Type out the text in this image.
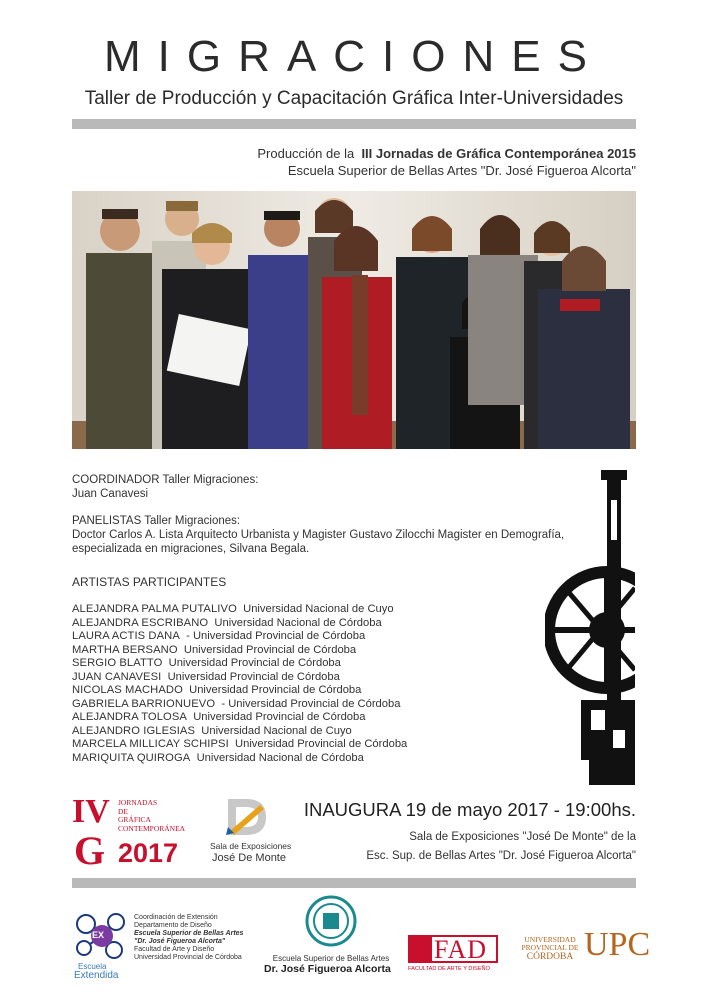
MIGRACIONES
Taller de Producción y Capacitación Gráfica Inter-Universidades
Producción de la III Jornadas de Gráfica Contemporánea 2015
Escuela Superior de Bellas Artes "Dr. José Figueroa Alcorta"
COORDINADOR Taller Migraciones:
Juan Canavesi
PANELISTAS Taller Migraciones:
Doctor Carlos A. Lista Arquitecto Urbanista y Magister Gustavo Zilocchi Magister en Demografía, especializada en migraciones, Silvana Begala.
ARTISTAS PARTICIPANTES
ALEJANDRA PALMA PUTALIVO Universidad Nacional de Cuyo
ALEJANDRA ESCRIBANO Universidad Nacional de Córdoba
LAURA ACTIS DANA - Universidad Provincial de Córdoba
MARTHA BERSANO Universidad Provincial de Córdoba
SERGIO BLATTO Universidad Provincial de Córdoba
JUAN CANAVESI Universidad Provincial de Córdoba
NICOLAS MACHADO Universidad Provincial de Córdoba
GABRIELA BARRIONUEVO - Universidad Provincial de Córdoba
ALEJANDRA TOLOSA Universidad Provincial de Córdoba
ALEJANDRO IGLESIAS Universidad Nacional de Cuyo
MARCELA MILLICAY SCHIPSI Universidad Provincial de Córdoba
MARIQUITA QUIROGA Universidad Nacional de Córdoba
IV
G 2017
JORNADAS
DE
GRÁFICA
CONTEMPORÁNEA
Sala de Exposiciones
José De Monte
INAUGURA 19 de mayo 2017 - 19:00hs.
Sala de Exposiciones "José De Monte" de la
Esc. Sup. de Bellas Artes "Dr. José Figueroa Alcorta"
EX
Escuela
Extendida
Coordinación de Extensión
Departamento de Diseño
Escuela Superior de Bellas Artes
"Dr. José Figueroa Alcorta"
Facultad de Arte y Diseño
Universidad Provincial de Córdoba	Escuela Superior de Bellas Artes
Dr. José Figueroa Alcorta
FAD
FACULTAD DE ARTE Y DISEÑO
UNIVERSIDAD
PROVINCIAL DE
CÓRDOBA UPC
